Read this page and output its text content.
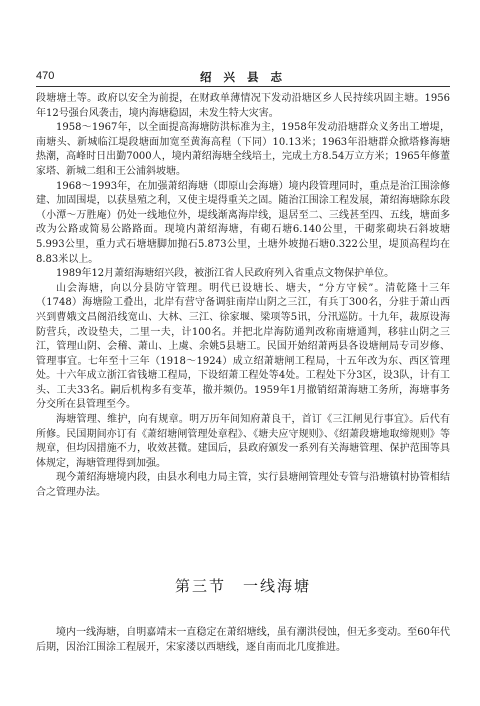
470	绍 兴 县 志

段塘塘土等。政府以安全为前提，在财政单薄情况下发动沿塘区乡人民持续巩固主塘。1956年12号强台风袭击，境内海塘稳固，未发生特大灾害。

1958～1967年，以全面提高海塘防洪标准为主，1958年发动沿塘群众义务出工增堤，南塘头、新城临江堤段塘面加宽至黄海高程（下同）10.13米；1963年沿塘群众掀塔修海塘热潮，高峰时日出勤7000人，境内萧绍海塘全线培土，完成土方8.54万立方米；1965年修董家塔、新城二组和王公浦斜坡塘。

1968～1993年，在加强萧绍海塘（即原山会海塘）境内段管理同时，重点是治江围涂修建、加固围堤，以获垦殖之利，又使主堤得重关之固。随治江围涂工程发展，萧绍海塘除东段（小潭～万胜庵）仍处一线地位外，堤线渐离海岸线，退居至二、三线甚至四、五线，塘面多改为公路或简易公路路面。现境内萧绍海塘，有砌石塘6.140公里，干砌浆砌块石斜坡塘5.993公里，重力式石塘塘脚加抛石5.873公里，土塘外坡抛石塘0.322公里，堤顶高程均在8.83米以上。

1989年12月萧绍海塘绍兴段，被浙江省人民政府列入省重点文物保护单位。

山会海塘，向以分县防守管理。明代已设塘长、塘夫，“分方守候”。清乾隆十三年（1748）海塘险工叠出，北岸有营守备调驻南岸山阴之三江，有兵丁300名，分驻于萧山西兴到曹娥文昌阁沿线宽山、大林、三江、徐家堰、梁项等5讯，分汛巡防。十九年，裁原设海防营兵，改设垫夫，二里一夫，计100名。并把北岸海防通判改称南塘通判，移驻山阴之三江，管理山阴、会稽、萧山、上虞、余姚5县塘工。民国开始绍萧两县各设塘闸局专司岁修、管理事宜。七年至十三年（1918～1924）成立绍萧塘闸工程局，十五年改为东、西区管理处。十六年成立浙江省钱塘工程局，下设绍萧工程处等4处。工程处下分3区，设3队，计有工头、工夫33名。嗣后机构多有变革，撤并频仍。1959年1月撤销绍萧海塘工务所，海塘事务分交所在县管理至今。

海塘管理、维护，向有规章。明万历年间知府萧良干，首订《三江闸见行事宜》。后代有所修。民国期间亦订有《萧绍塘闸管理处章程》、《塘夫应守规则》、《绍萧段塘地取缔规则》等规章，但均因措施不力，收效甚微。建国后，县政府颁发一系列有关海塘管理、保护范围等具体规定，海塘管理得到加强。

现今萧绍海塘境内段，由县水利电力局主管，实行县塘闸管理处专管与沿塘镇村协管相结合之管理办法。

第三节　一线海塘

境内一线海塘，自明嘉靖末一直稳定在萧绍塘线，虽有潮洪侵蚀，但无多变动。至60年代后期，因治江围涂工程展开，宋家溇以西塘线，逐自南而北几度推进。
